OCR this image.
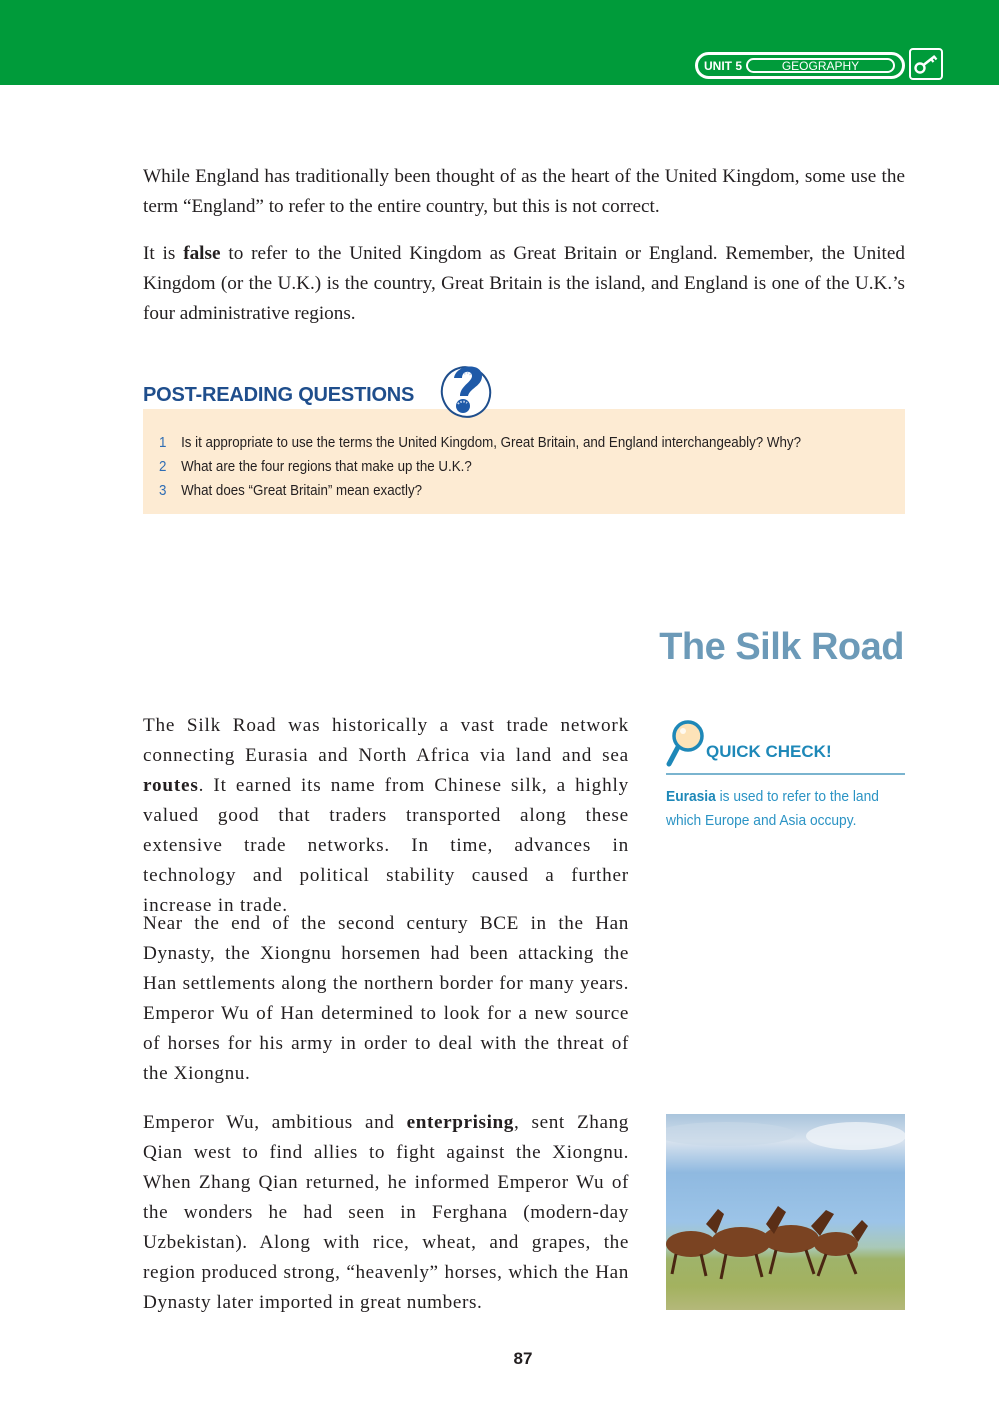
UNIT 5	GEOGRAPHY

While England has traditionally been thought of as the heart of the United Kingdom, some use the term “England” to refer to the entire country, but this is not correct.

It is false to refer to the United Kingdom as Great Britain or England. Remember, the United Kingdom (or the U.K.) is the country, Great Britain is the island, and England is one of the U.K.’s four administrative regions.

1	Is it appropriate to use the terms the United Kingdom, Great Britain, and England interchangeably? Why?
2	What are the four regions that make up the U.K.?
3	What does “Great Britain” mean exactly?
POST-READING QUESTIONS
The Silk Road

The Silk Road was historically a vast trade network connecting Eurasia and North Africa via land and sea routes. It earned its name from Chinese silk, a highly valued good that traders transported along these extensive trade networks. In time, advances in technology and political stability caused a further increase in trade.

Near the end of the second century BCE in the Han Dynasty, the Xiongnu horsemen had been attacking the Han settlements along the northern border for many years. Emperor Wu of Han determined to look for a new source of horses for his army in order to deal with the threat of the Xiongnu.

Emperor Wu, ambitious and enterprising, sent Zhang Qian west to find allies to fight against the Xiongnu. When Zhang Qian returned, he informed Emperor Wu of the wonders he had seen in Ferghana (modern-day Uzbekistan). Along with rice, wheat, and grapes, the region produced strong, “heavenly” horses, which the Han Dynasty later imported in great numbers.

QUICK CHECK!

Eurasia is used to refer to the land which Europe and Asia occupy.

87
